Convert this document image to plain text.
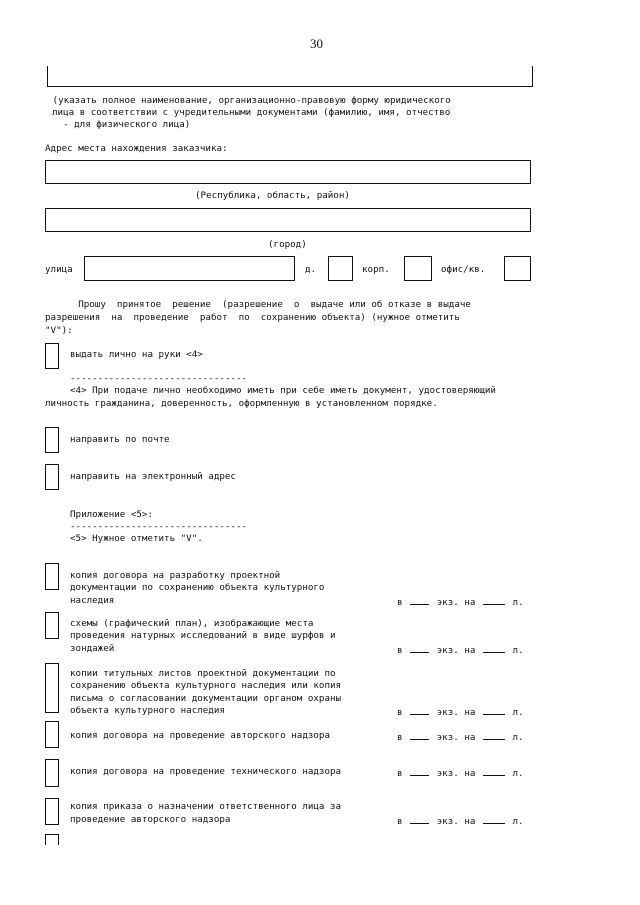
30
(указать полное наименование, организационно-правовую форму юридического
лица в соответствии с учредительными документами (фамилию, имя, отчество
- для физического лица)
Адрес места нахождения заказчика:
(Республика, область, район)
(город)
улица	д.	корп.	офис/кв.
Прошу  принятое  решение  (разрешение  о  выдаче или об отказе в выдаче
разрешения  на  проведение  работ  по  сохранению объекта) (нужное отметить
"V"):
выдать лично на руки <4>
--------------------------------
<4> При подаче лично необходимо иметь при себе иметь документ, удостоверяющий
личность гражданина, доверенность, оформленную в установленном порядке.
направить по почте
направить на электронный адрес
Приложение <5>:
--------------------------------
<5> Нужное отметить "V".
копия договора на разработку проектной
документации по сохранению объекта культурного
наследия	в	экз. на	л.
схемы (графический план), изображающие места
проведения натурных исследований в виде шурфов и
зондажей	в	экз. на	л.
копии титульных листов проектной документации по
сохранению объекта культурного наследия или копия
письма о согласовании документации органом охраны
объекта культурного наследия	в	экз. на	л.
копия договора на проведение авторского надзора	в	экз. на	л.
копия договора на проведение технического надзора	в	экз. на	л.
копия приказа о назначении ответственного лица за
проведение авторского надзора	в	экз. на	л.
